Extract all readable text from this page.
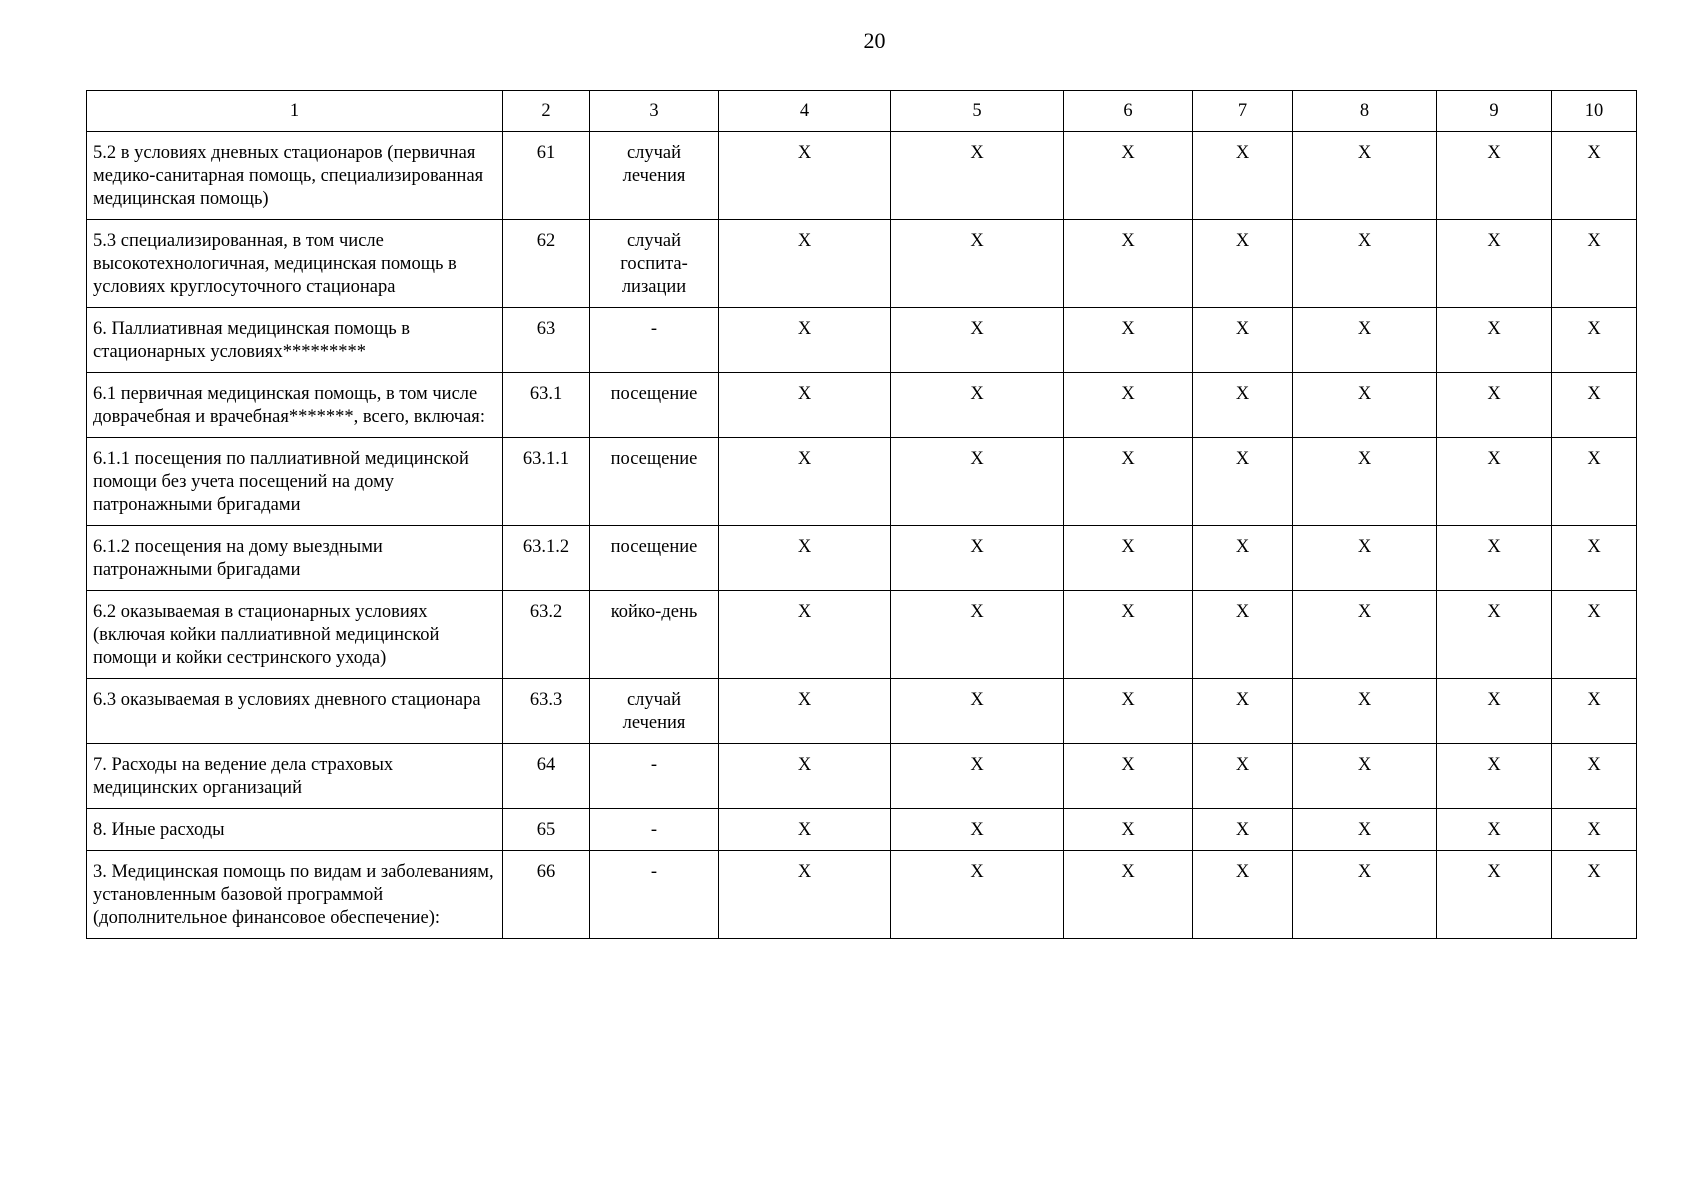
20
1	2	3	4	5	6	7	8	9	10
5.2 в условиях дневных стационаров (первичная медико-санитарная помощь, специализированная медицинская помощь)	61	случай лечения	X	X	X	X	X	X	X
5.3 специализированная, в том числе высокотехнологичная, медицинская помощь в условиях круглосуточного стационара	62	случай госпита-лизации	X	X	X	X	X	X	X
6. Паллиативная медицинская помощь в стационарных условиях*********	63	-	X	X	X	X	X	X	X
6.1 первичная медицинская помощь, в том числе доврачебная и врачебная*******, всего, включая:	63.1	посещение	X	X	X	X	X	X	X
6.1.1 посещения по паллиативной медицинской помощи без учета посещений на дому патронажными бригадами	63.1.1	посещение	X	X	X	X	X	X	X
6.1.2 посещения на дому выездными патронажными бригадами	63.1.2	посещение	X	X	X	X	X	X	X
6.2 оказываемая в стационарных условиях (включая койки паллиативной медицинской помощи и койки сестринского ухода)	63.2	койко-день	X	X	X	X	X	X	X
6.3 оказываемая в условиях дневного стационара	63.3	случай лечения	X	X	X	X	X	X	X
7. Расходы на ведение дела страховых медицинских организаций	64	-	X	X	X	X	X	X	X
8. Иные расходы	65	-	X	X	X	X	X	X	X
3. Медицинская помощь по видам и заболеваниям, установленным базовой программой (дополнительное финансовое обеспечение):	66	-	X	X	X	X	X	X	X
